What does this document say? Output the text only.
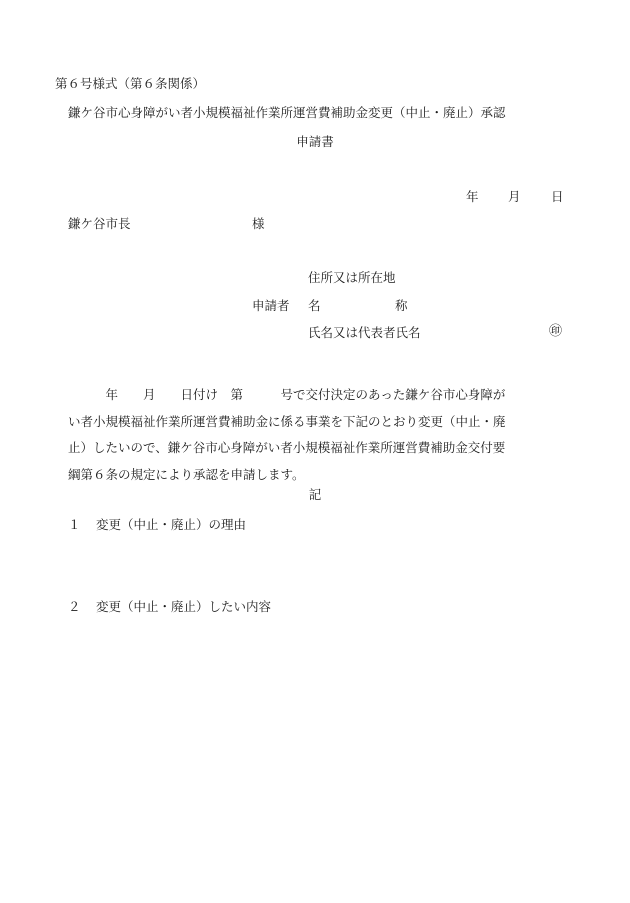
第６号様式（第６条関係）
鎌ケ谷市心身障がい者小規模福祉作業所運営費補助金変更（中止・廃止）承認
申請書
年 月 日
鎌ケ谷市長	様
住所又は所在地
申請者 名	称
氏名又は代表者氏名	㊞
　　　年　　月　　日付け　第　　　号で交付決定のあった鎌ケ谷市心身障が
い者小規模福祉作業所運営費補助金に係る事業を下記のとおり変更（中止・廃
止）したいので、鎌ケ谷市心身障がい者小規模福祉作業所運営費補助金交付要
綱第６条の規定により承認を申請します。
記
１ 変更（中止・廃止）の理由
２ 変更（中止・廃止）したい内容
